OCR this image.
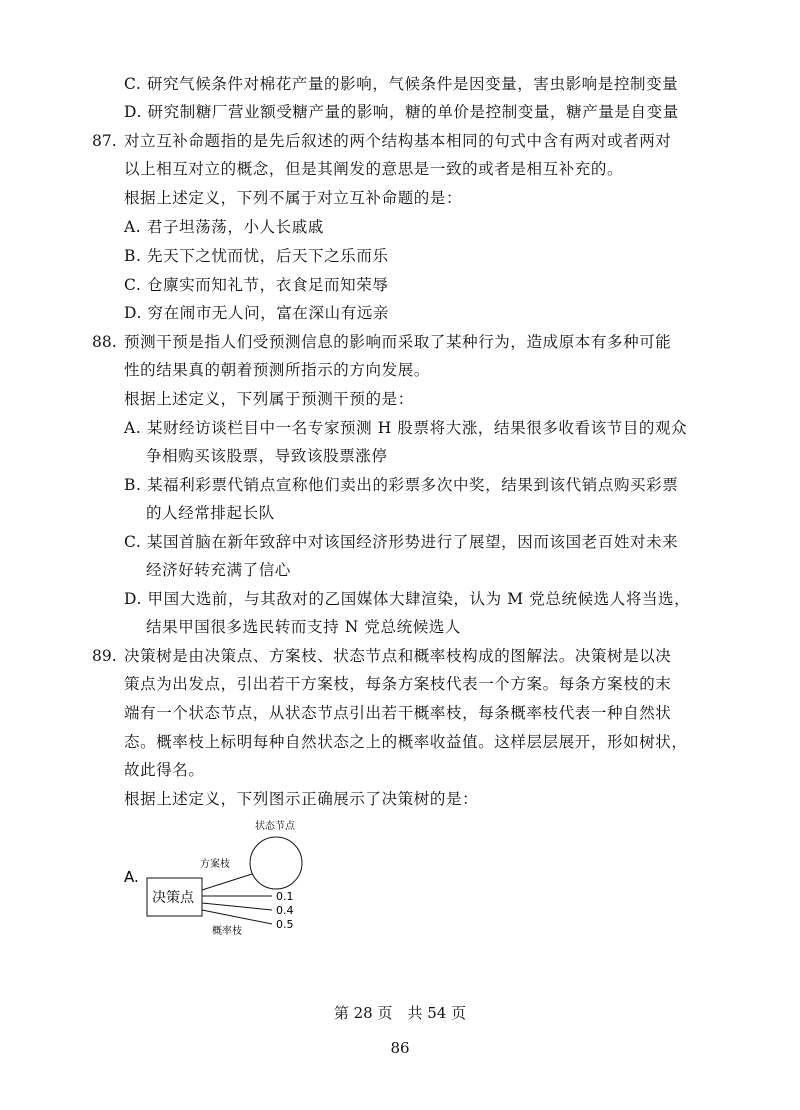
C. 研究气候条件对棉花产量的影响，气候条件是因变量，害虫影响是控制变量
D. 研究制糖厂营业额受糖产量的影响，糖的单价是控制变量，糖产量是自变量
87. 对立互补命题指的是先后叙述的两个结构基本相同的句式中含有两对或者两对
以上相互对立的概念，但是其阐发的意思是一致的或者是相互补充的。
根据上述定义，下列不属于对立互补命题的是：
A. 君子坦荡荡，小人长戚戚
B. 先天下之忧而忧，后天下之乐而乐
C. 仓廪实而知礼节，衣食足而知荣辱
D. 穷在闹市无人问，富在深山有远亲
88. 预测干预是指人们受预测信息的影响而采取了某种行为，造成原本有多种可能
性的结果真的朝着预测所指示的方向发展。
根据上述定义，下列属于预测干预的是：
A. 某财经访谈栏目中一名专家预测 H 股票将大涨，结果很多收看该节目的观众
争相购买该股票，导致该股票涨停
B. 某福利彩票代销点宣称他们卖出的彩票多次中奖，结果到该代销点购买彩票
的人经常排起长队
C. 某国首脑在新年致辞中对该国经济形势进行了展望，因而该国老百姓对未来
经济好转充满了信心
D. 甲国大选前，与其敌对的乙国媒体大肆渲染，认为 M 党总统候选人将当选，
结果甲国很多选民转而支持 N 党总统候选人
89. 决策树是由决策点、方案枝、状态节点和概率枝构成的图解法。决策树是以决
策点为出发点，引出若干方案枝，每条方案枝代表一个方案。每条方案枝的末
端有一个状态节点，从状态节点引出若干概率枝，每条概率枝代表一种自然状
态。概率枝上标明每种自然状态之上的概率收益值。这样层层展开，形如树状，
故此得名。
根据上述定义，下列图示正确展示了决策树的是：
A.
状态节点
方案枝
决策点	0.1
0.4
0.5
概率枝
第 28 页　共 54 页
86
